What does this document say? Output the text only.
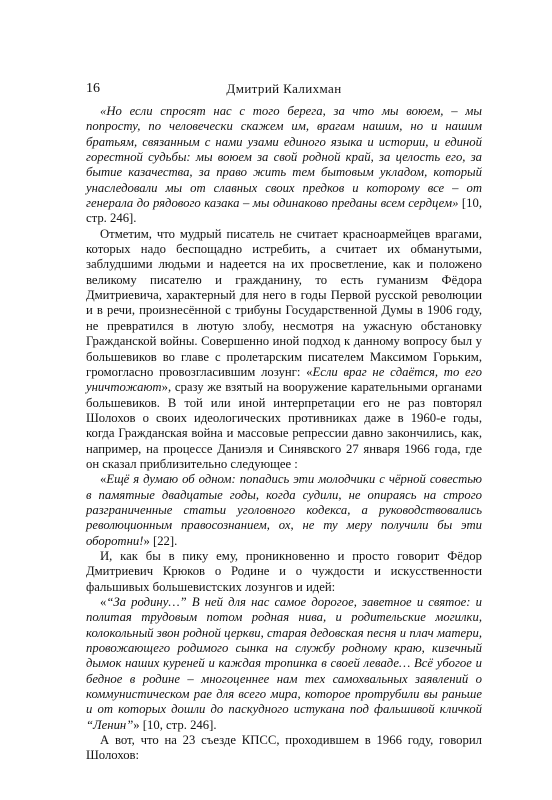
16	Дмитрий Калихман

«Но если спросят нас с того берега, за что мы воюем, – мы попросту, по человечески скажем им, врагам нашим, но и нашим братьям, связанным с нами узами единого языка и истории, и единой горестной судьбы: мы воюем за свой родной край, за целость его, за бытие казачества, за право жить тем бытовым укладом, который унаследовали мы от славных своих предков и которому все – от генерала до рядового казака – мы одинаково преданы всем сердцем» [10, стр. 246].

Отметим, что мудрый писатель не считает красноармейцев врагами, которых надо беспощадно истребить, а считает их обманутыми, заблудшими людьми и надеется на их просветление, как и положено великому писателю и гражданину, то есть гуманизм Фёдора Дмитриевича, характерный для него в годы Первой русской революции и в речи, произнесённой с трибуны Государственной Думы в 1906 году, не превратился в лютую злобу, несмотря на ужасную обстановку Гражданской войны. Совершенно иной подход к данному вопросу был у большевиков во главе с пролетарским писателем Максимом Горьким, громогласно провозгласившим лозунг: «Если враг не сдаётся, то его уничтожают», сразу же взятый на вооружение карательными органами большевиков. В той или иной интерпретации его не раз повторял Шолохов о своих идеологических противниках даже в 1960-е годы, когда Гражданская война и массовые репрессии давно закончились, как, например, на процессе Даниэля и Синявского 27 января 1966 года, где он сказал приблизительно следующее :

«Ещё я думаю об одном: попадись эти молодчики с чёрной совестью в памятные двадцатые годы, когда судили, не опираясь на строго разграниченные статьи уголовного кодекса, а руководствовались революционным правосознанием, ох, не ту меру получили бы эти оборотни!» [22].

И, как бы в пику ему, проникновенно и просто говорит Фёдор Дмитриевич Крюков о Родине и о чуждости и искусственности фальшивых большевистских лозунгов и идей:

«“За родину…” В ней для нас самое дорогое, заветное и святое: и политая трудовым потом родная нива, и родительские могилки, колокольный звон родной церкви, старая дедовская песня и плач матери, провожающего родимого сынка на службу родному краю, кизечный дымок наших куреней и каждая тропинка в своей леваде… Всё убогое и бедное в родине – многоценнее нам тех самохвальных заявлений о коммунистическом рае для всего мира, которое протрубили вы раньше и от которых дошли до паскудного истукана под фальшивой кличкой “Ленин”» [10, стр. 246].

А вот, что на 23 съезде КПСС, проходившем в 1966 году, говорил Шолохов:
